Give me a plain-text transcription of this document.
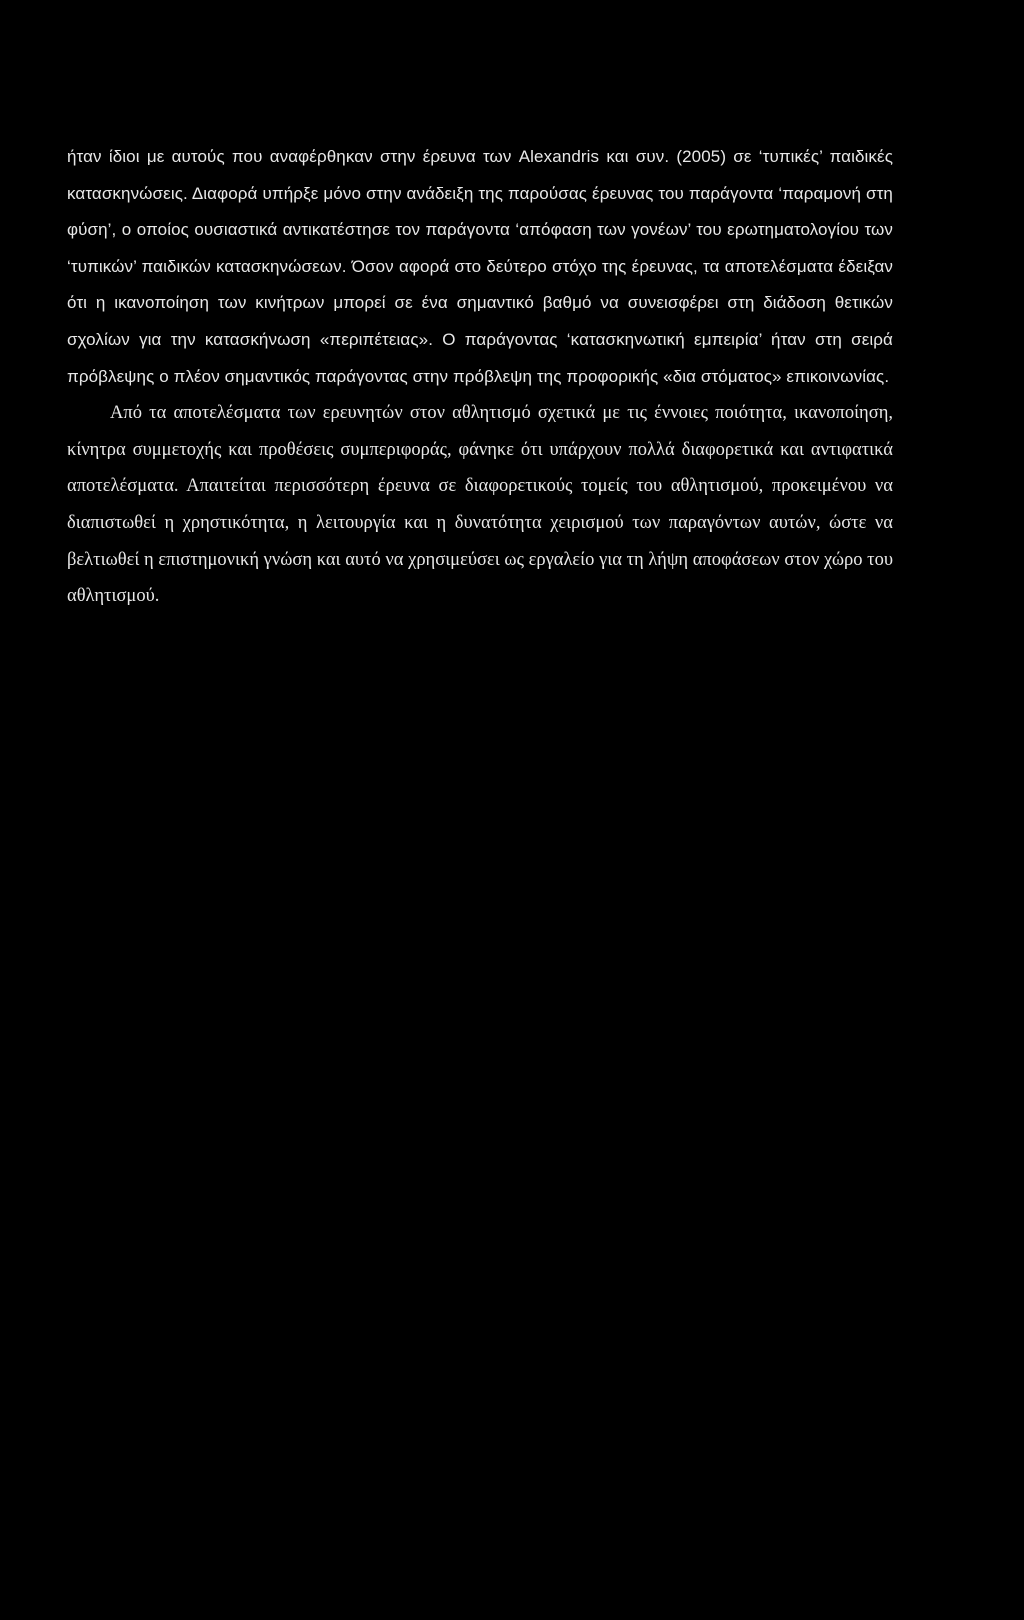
ήταν ίδιοι με αυτούς που αναφέρθηκαν στην έρευνα των Alexandris και συν. (2005) σε ‘τυπικές’ παιδικές κατασκηνώσεις. Διαφορά υπήρξε μόνο στην ανάδειξη της παρούσας έρευνας του παράγοντα ‘παραμονή στη φύση’, ο οποίος ουσιαστικά αντικατέστησε τον παράγοντα ‘απόφαση των γονέων’ του ερωτηματολογίου των ‘τυπικών’ παιδικών κατασκηνώσεων. Όσον αφορά στο δεύτερο στόχο της έρευνας, τα αποτελέσματα έδειξαν ότι η ικανοποίηση των κινήτρων μπορεί σε ένα σημαντικό βαθμό να συνεισφέρει στη διάδοση θετικών σχολίων για την κατασκήνωση «περιπέτειας». Ο παράγοντας ‘κατασκηνωτική εμπειρία’ ήταν στη σειρά πρόβλεψης ο πλέον σημαντικός παράγοντας στην πρόβλεψη της προφορικής «δια στόματος» επικοινωνίας.

Από τα αποτελέσματα των ερευνητών στον αθλητισμό σχετικά με τις έννοιες ποιότητα, ικανοποίηση, κίνητρα συμμετοχής και προθέσεις συμπεριφοράς, φάνηκε ότι υπάρχουν πολλά διαφορετικά και αντιφατικά αποτελέσματα. Απαιτείται περισσότερη έρευνα σε διαφορετικούς τομείς του αθλητισμού, προκειμένου να διαπιστωθεί η χρηστικότητα, η λειτουργία και η δυνατότητα χειρισμού των παραγόντων αυτών, ώστε να βελτιωθεί η επιστημονική γνώση και αυτό να χρησιμεύσει ως εργαλείο για τη λήψη αποφάσεων στον χώρο του αθλητισμού.
